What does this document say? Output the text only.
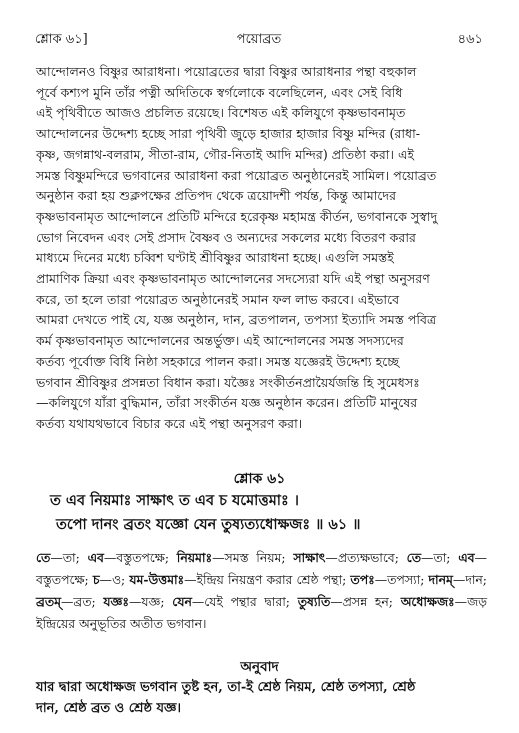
শ্লোক ৬১]	পয়োব্রত	৪৬১

আন্দোলনও বিষ্ণুর আরাধনা। পয়োব্রতের দ্বারা বিষ্ণুর আরাধনার পন্থা বহুকাল
পূর্বে কশ্যপ মুনি তাঁর পত্নী অদিতিকে স্বর্গলোকে বলেছিলেন, এবং সেই বিধি
এই পৃথিবীতে আজও প্রচলিত রয়েছে। বিশেষত এই কলিযুগে কৃষ্ণভাবনামৃত
আন্দোলনের উদ্দেশ্য হচ্ছে সারা পৃথিবী জুড়ে হাজার হাজার বিষ্ণু মন্দির (রাধা-
কৃষ্ণ, জগন্নাথ-বলরাম, সীতা-রাম, গৌর-নিতাই আদি মন্দির) প্রতিষ্ঠা করা। এই
সমস্ত বিষ্ণুমন্দিরে ভগবানের আরাধনা করা পয়োব্রত অনুষ্ঠানেরই সামিল। পয়োব্রত
অনুষ্ঠান করা হয় শুক্লপক্ষের প্রতিপদ থেকে ত্রয়োদশী পর্যন্ত, কিন্তু আমাদের
কৃষ্ণভাবনামৃত আন্দোলনে প্রতিটি মন্দিরে হরেকৃষ্ণ মহামন্ত্র কীর্তন, ভগবানকে সুস্বাদু
ভোগ নিবেদন এবং সেই প্রসাদ বৈষ্ণব ও অন্যদের সকলের মধ্যে বিতরণ করার
মাধ্যমে দিনের মধ্যে চব্বিশ ঘণ্টাই শ্রীবিষ্ণুর আরাধনা হচ্ছে। এগুলি সমস্তই
প্রামাণিক ক্রিয়া এবং কৃষ্ণভাবনামৃত আন্দোলনের সদস্যেরা যদি এই পন্থা অনুসরণ
করে, তা হলে তারা পয়োব্রত অনুষ্ঠানেরই সমান ফল লাভ করবে। এইভাবে
আমরা দেখতে পাই যে, যজ্ঞ অনুষ্ঠান, দান, ব্রতপালন, তপস্যা ইত্যাদি সমস্ত পবিত্র
কর্ম কৃষ্ণভাবনামৃত আন্দোলনের অন্তর্ভুক্ত। এই আন্দোলনের সমস্ত সদস্যদের
কর্তব্য পূর্বোক্ত বিধি নিষ্ঠা সহকারে পালন করা। সমস্ত যজ্ঞেরই উদ্দেশ্য হচ্ছে
ভগবান শ্রীবিষ্ণুর প্রসন্নতা বিধান করা। যজ্ঞৈঃ সংকীর্তনপ্রায়ৈর্যজন্তি হি সুমেধসঃ
—কলিযুগে যাঁরা বুদ্ধিমান, তাঁরা সংকীর্তন যজ্ঞ অনুষ্ঠান করেন। প্রতিটি মানুষের
কর্তব্য যথাযথভাবে বিচার করে এই পন্থা অনুসরণ করা।

শ্লোক ৬১
ত এব নিয়মাঃ সাক্ষাৎ ত এব চ যমোত্তমাঃ ।
তপো দানং ব্রতং যজ্ঞো যেন তুষ্যত্যধোক্ষজঃ ॥ ৬১ ॥

তে—তা; এব—বস্তুতপক্ষে; নিয়মাঃ—সমস্ত নিয়ম; সাক্ষাৎ—প্রত্যক্ষভাবে; তে—তা; এব—বস্তুতপক্ষে; চ—ও; যম-উত্তমাঃ—ইন্দ্রিয় নিয়ন্ত্রণ করার শ্রেষ্ঠ পন্থা; তপঃ—তপস্যা; দানম্—দান; ব্রতম্—ব্রত; যজ্ঞঃ—যজ্ঞ; যেন—যেই পন্থার দ্বারা; তুষ্যতি—প্রসন্ন হন; অধোক্ষজঃ—জড় ইন্দ্রিয়ের অনুভূতির অতীত ভগবান।

অনুবাদ

যার দ্বারা অধোক্ষজ ভগবান তুষ্ট হন, তা-ই শ্রেষ্ঠ নিয়ম, শ্রেষ্ঠ তপস্যা, শ্রেষ্ঠ
দান, শ্রেষ্ঠ ব্রত ও শ্রেষ্ঠ যজ্ঞ।
